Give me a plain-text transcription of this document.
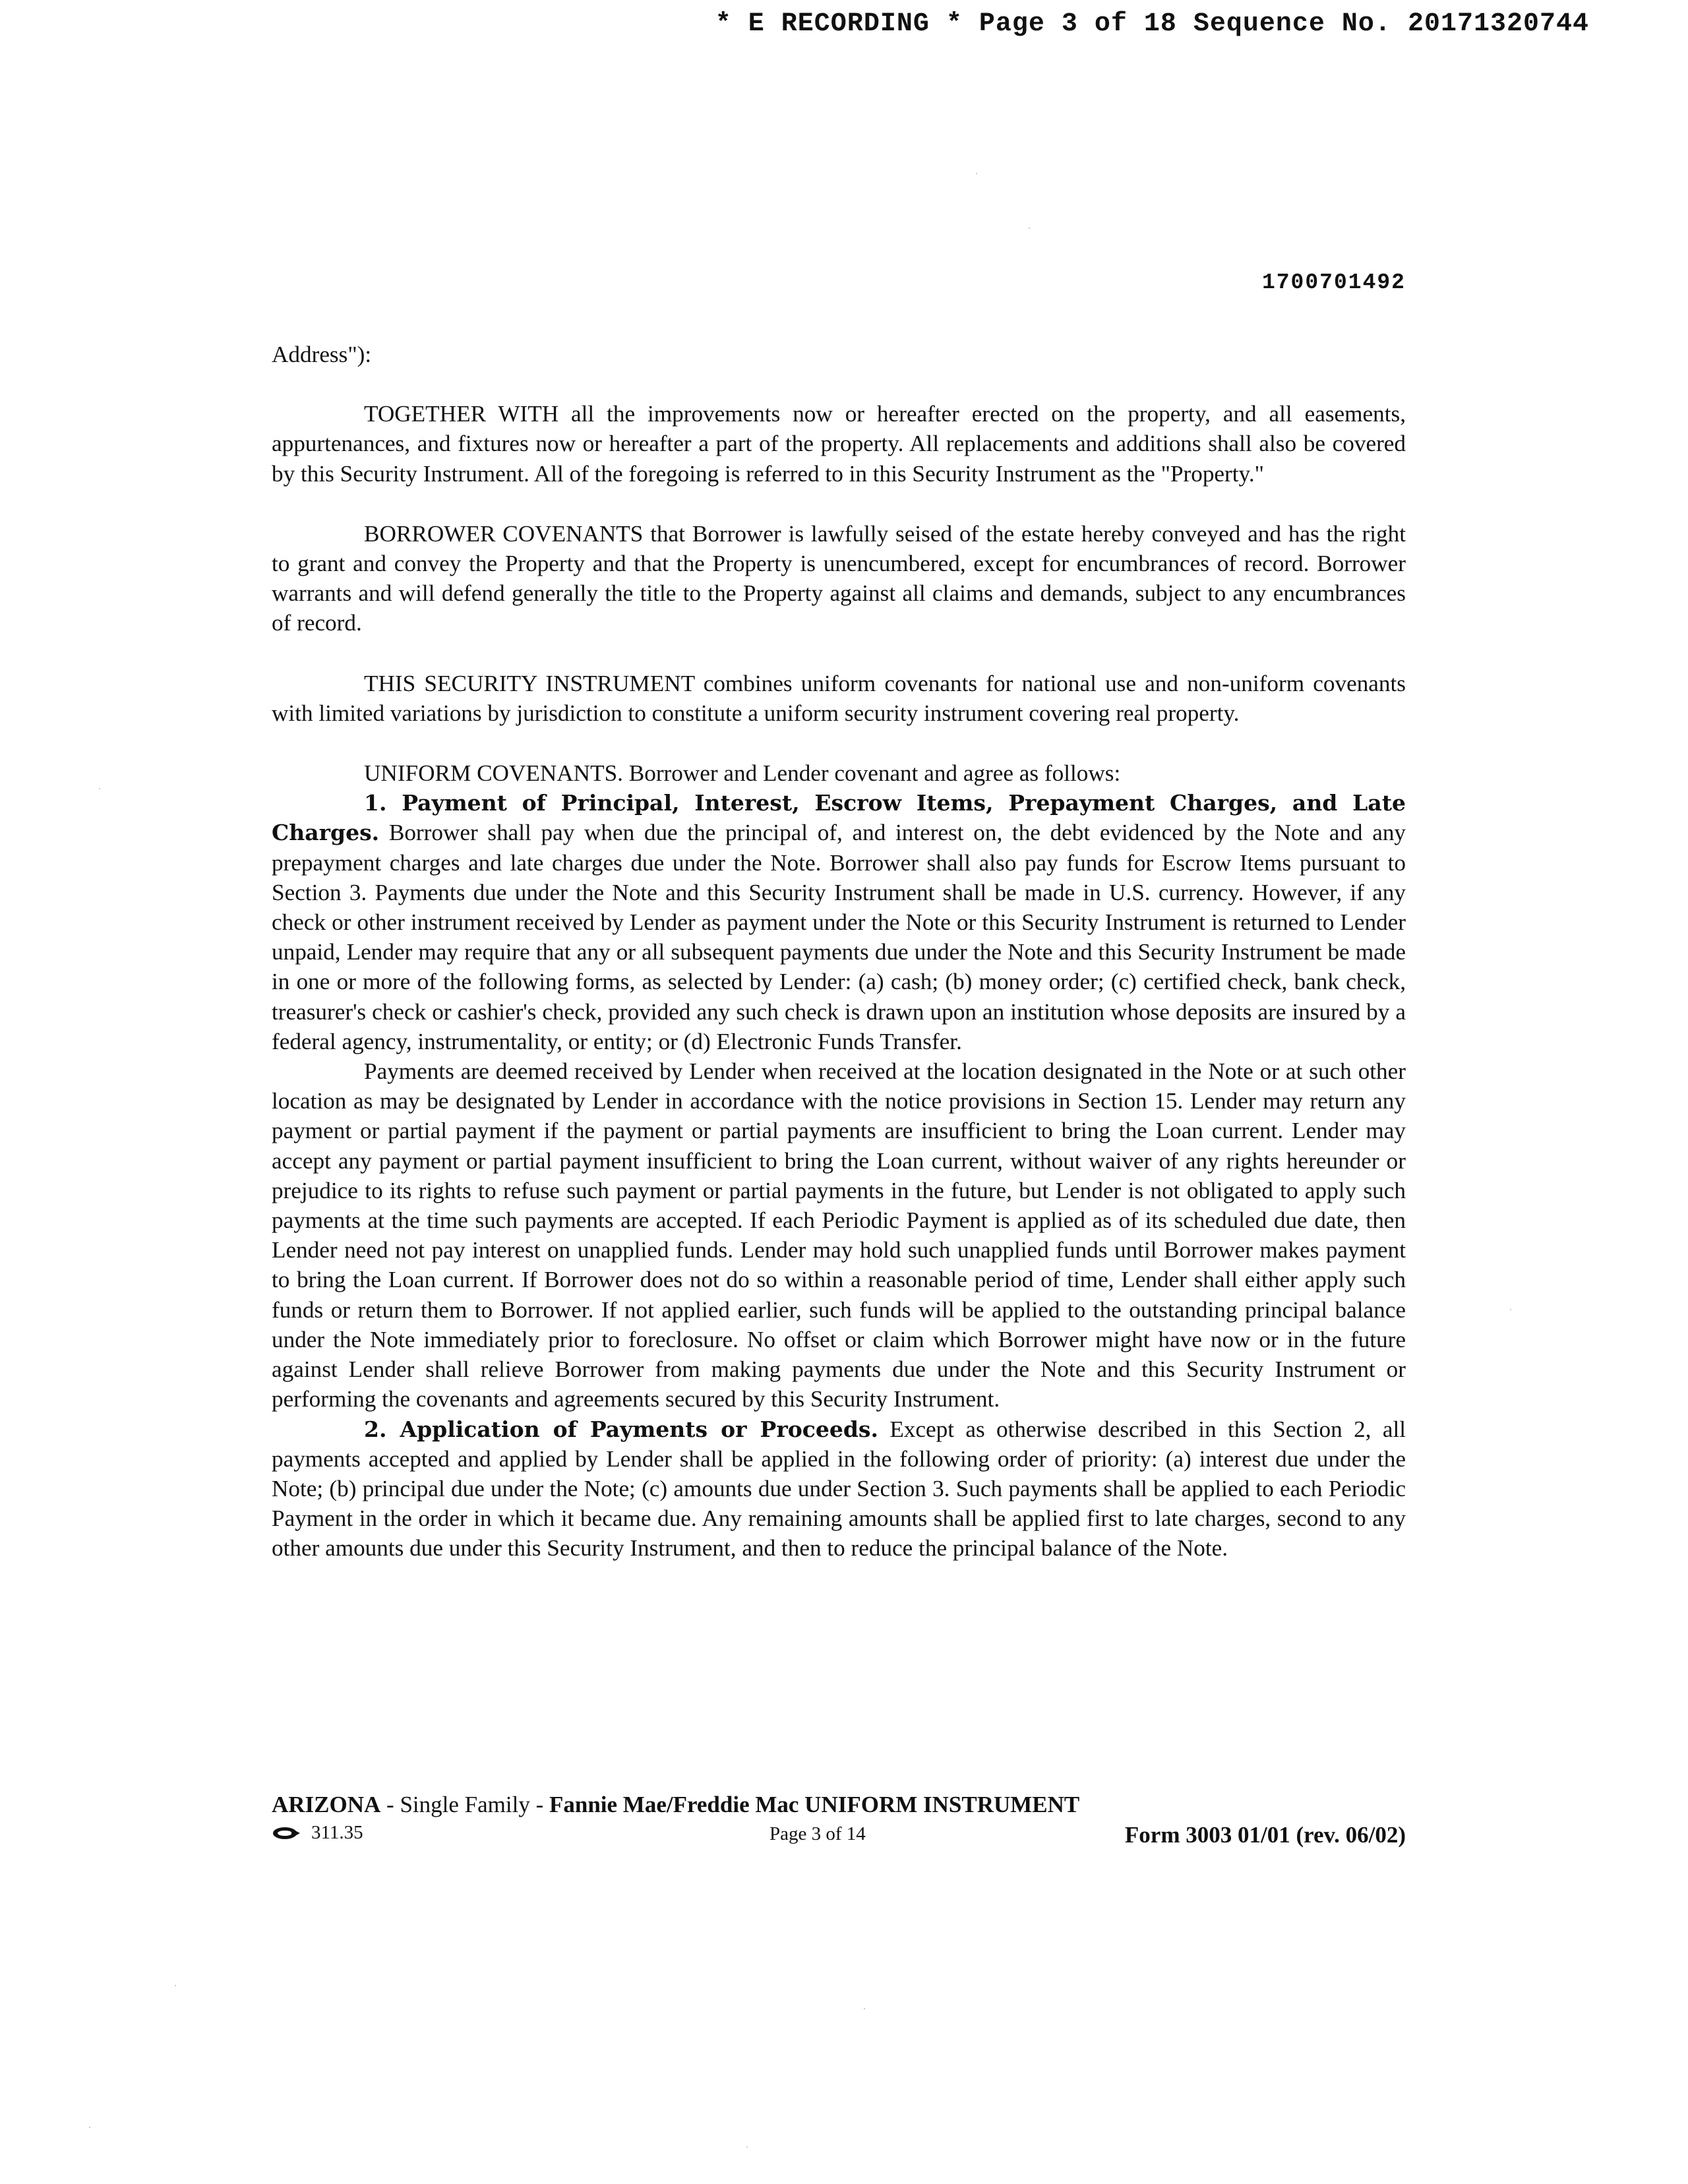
* E RECORDING * Page 3 of 18 Sequence No. 20171320744
1700701492

Address"):

TOGETHER WITH all the improvements now or hereafter erected on the property, and all easements, appurtenances, and fixtures now or hereafter a part of the property. All replacements and additions shall also be covered by this Security Instrument. All of the foregoing is referred to in this Security Instrument as the "Property."

BORROWER COVENANTS that Borrower is lawfully seised of the estate hereby conveyed and has the right to grant and convey the Property and that the Property is unencumbered, except for encumbrances of record. Borrower warrants and will defend generally the title to the Property against all claims and demands, subject to any encumbrances of record.

THIS SECURITY INSTRUMENT combines uniform covenants for national use and non-uniform covenants with limited variations by jurisdiction to constitute a uniform security instrument covering real property.

UNIFORM COVENANTS. Borrower and Lender covenant and agree as follows:

1. Payment of Principal, Interest, Escrow Items, Prepayment Charges, and Late Charges. Borrower shall pay when due the principal of, and interest on, the debt evidenced by the Note and any prepayment charges and late charges due under the Note. Borrower shall also pay funds for Escrow Items pursuant to Section 3. Payments due under the Note and this Security Instrument shall be made in U.S. currency. However, if any check or other instrument received by Lender as payment under the Note or this Security Instrument is returned to Lender unpaid, Lender may require that any or all subsequent payments due under the Note and this Security Instrument be made in one or more of the following forms, as selected by Lender: (a) cash; (b) money order; (c) certified check, bank check, treasurer's check or cashier's check, provided any such check is drawn upon an institution whose deposits are insured by a federal agency, instrumentality, or entity; or (d) Electronic Funds Transfer.

Payments are deemed received by Lender when received at the location designated in the Note or at such other location as may be designated by Lender in accordance with the notice provisions in Section 15. Lender may return any payment or partial payment if the payment or partial payments are insufficient to bring the Loan current. Lender may accept any payment or partial payment insufficient to bring the Loan current, without waiver of any rights hereunder or prejudice to its rights to refuse such payment or partial payments in the future, but Lender is not obligated to apply such payments at the time such payments are accepted. If each Periodic Payment is applied as of its scheduled due date, then Lender need not pay interest on unapplied funds. Lender may hold such unapplied funds until Borrower makes payment to bring the Loan current. If Borrower does not do so within a reasonable period of time, Lender shall either apply such funds or return them to Borrower. If not applied earlier, such funds will be applied to the outstanding principal balance under the Note immediately prior to foreclosure. No offset or claim which Borrower might have now or in the future against Lender shall relieve Borrower from making payments due under the Note and this Security Instrument or performing the covenants and agreements secured by this Security Instrument.

2. Application of Payments or Proceeds. Except as otherwise described in this Section 2, all payments accepted and applied by Lender shall be applied in the following order of priority: (a) interest due under the Note; (b) principal due under the Note; (c) amounts due under Section 3. Such payments shall be applied to each Periodic Payment in the order in which it became due. Any remaining amounts shall be applied first to late charges, second to any other amounts due under this Security Instrument, and then to reduce the principal balance of the Note.

ARIZONA - Single Family - Fannie Mae/Freddie Mac UNIFORM INSTRUMENT
311.35	Page 3 of 14	Form 3003 01/01 (rev. 06/02)
